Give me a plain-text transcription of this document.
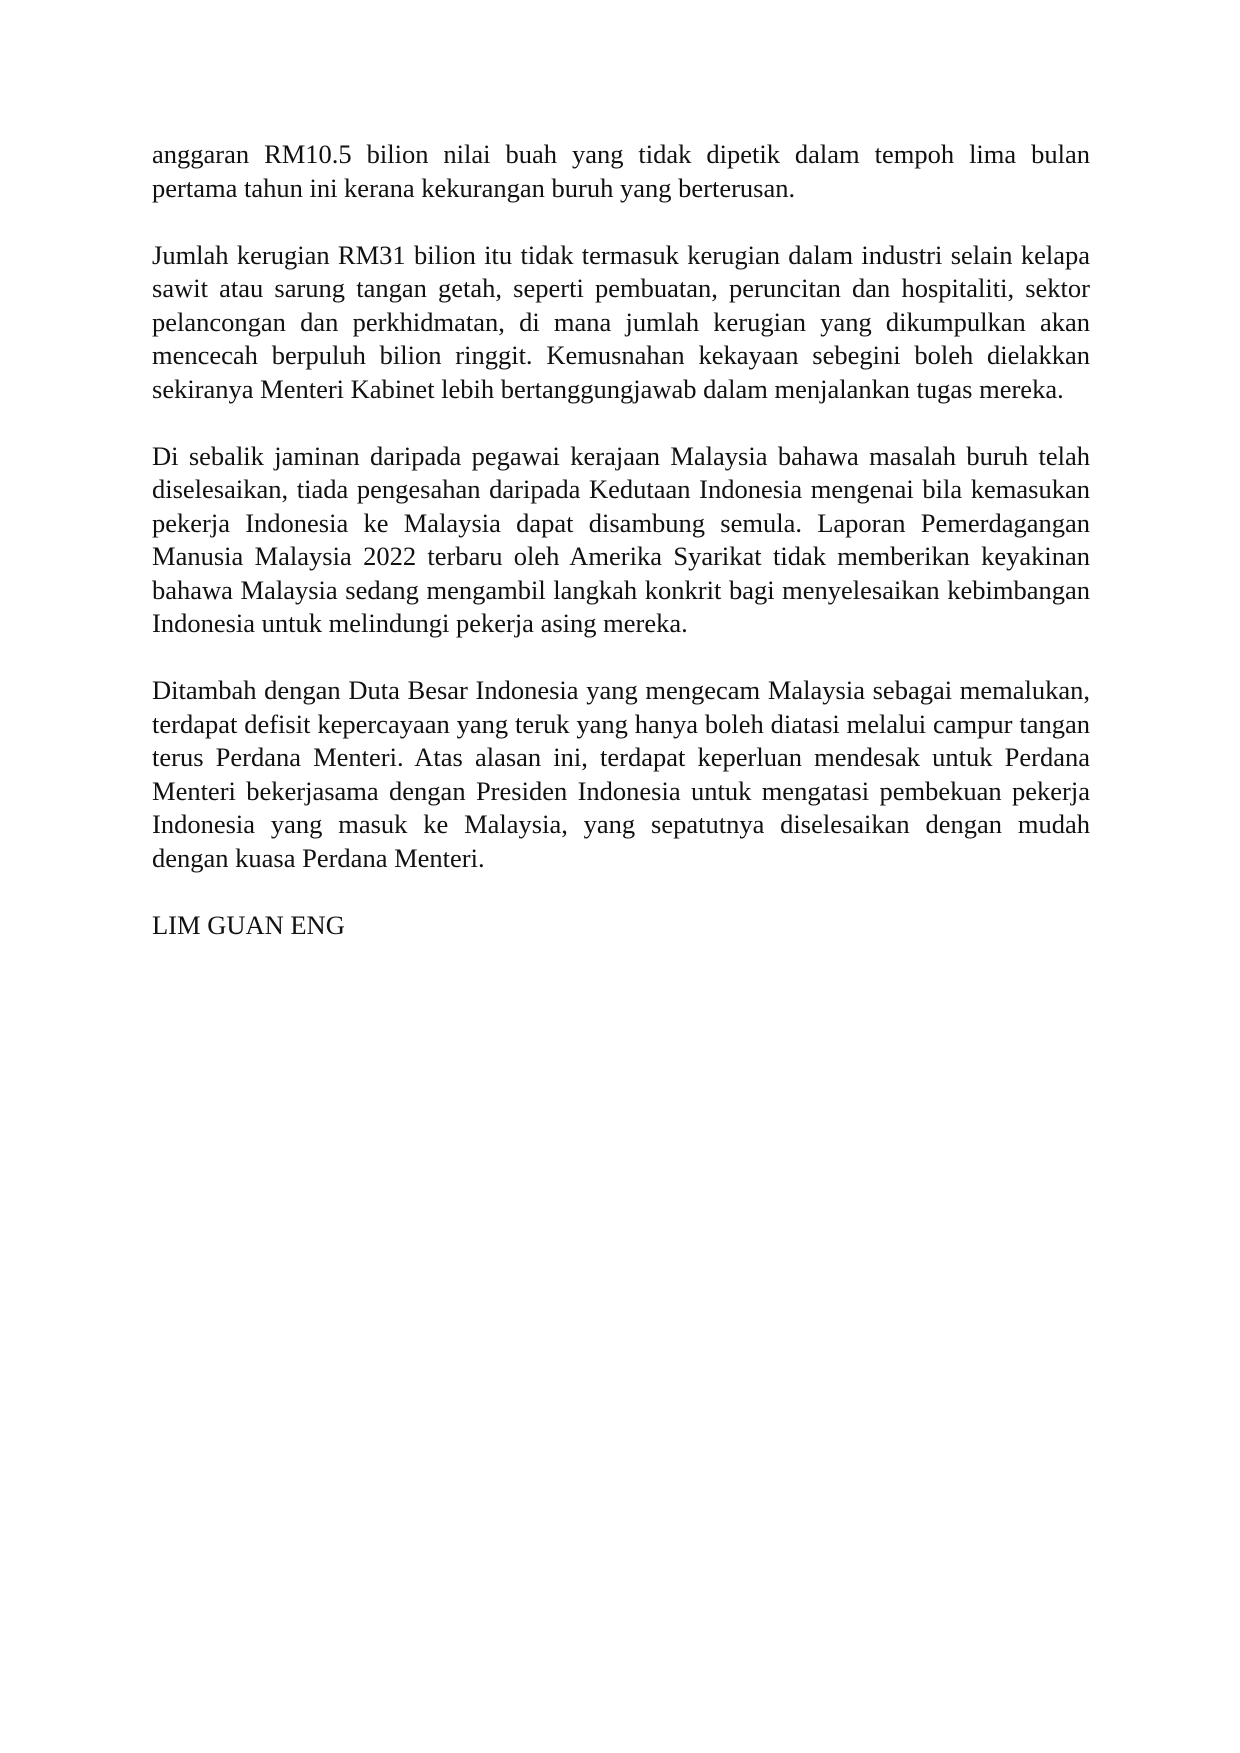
anggaran RM10.5 bilion nilai buah yang tidak dipetik dalam tempoh lima bulan pertama tahun ini kerana kekurangan buruh yang berterusan.

Jumlah kerugian RM31 bilion itu tidak termasuk kerugian dalam industri selain kelapa sawit atau sarung tangan getah, seperti pembuatan, peruncitan dan hospitaliti, sektor pelancongan dan perkhidmatan, di mana jumlah kerugian yang dikumpulkan akan mencecah berpuluh bilion ringgit. Kemusnahan kekayaan sebegini boleh dielakkan sekiranya Menteri Kabinet lebih bertanggungjawab dalam menjalankan tugas mereka.

Di sebalik jaminan daripada pegawai kerajaan Malaysia bahawa masalah buruh telah diselesaikan, tiada pengesahan daripada Kedutaan Indonesia mengenai bila kemasukan pekerja Indonesia ke Malaysia dapat disambung semula. Laporan Pemerdagangan Manusia Malaysia 2022 terbaru oleh Amerika Syarikat tidak memberikan keyakinan bahawa Malaysia sedang mengambil langkah konkrit bagi menyelesaikan kebimbangan Indonesia untuk melindungi pekerja asing mereka.

Ditambah dengan Duta Besar Indonesia yang mengecam Malaysia sebagai memalukan, terdapat defisit kepercayaan yang teruk yang hanya boleh diatasi melalui campur tangan terus Perdana Menteri. Atas alasan ini, terdapat keperluan mendesak untuk Perdana Menteri bekerjasama dengan Presiden Indonesia untuk mengatasi pembekuan pekerja Indonesia yang masuk ke Malaysia, yang sepatutnya diselesaikan dengan mudah dengan kuasa Perdana Menteri.

LIM GUAN ENG
